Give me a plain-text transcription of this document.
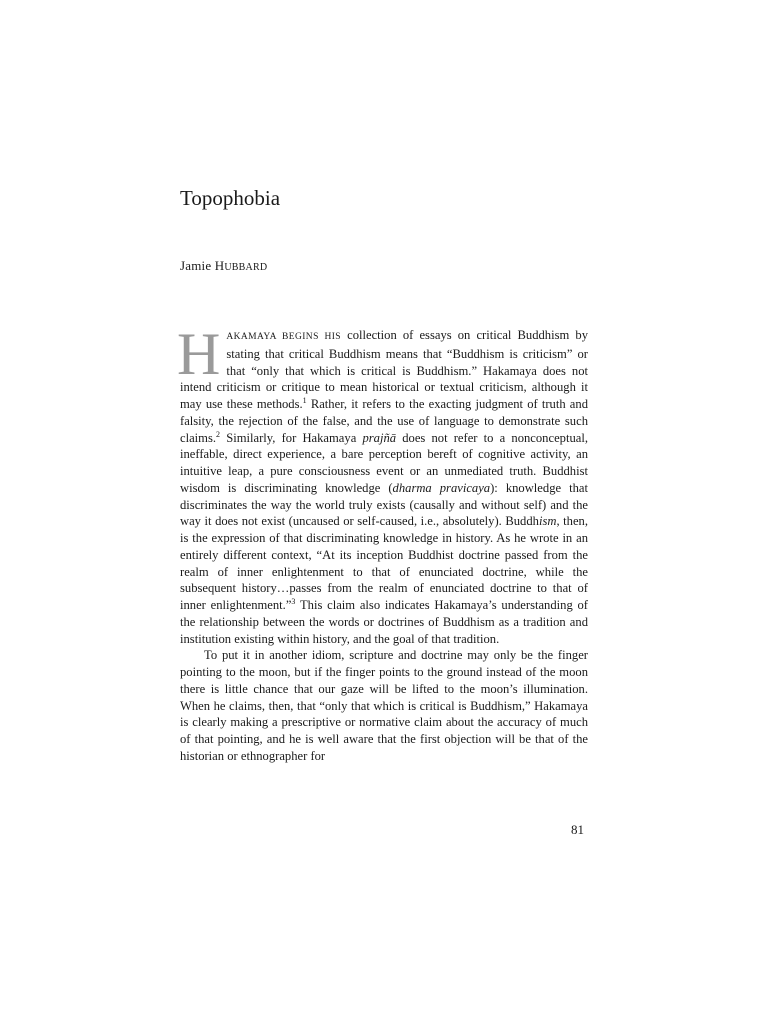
Topophobia
Jamie HUBBARD

HAKAMAYA BEGINS HIS collection of essays on critical Buddhism by stating that critical Buddhism means that “Buddhism is criticism” or that “only that which is critical is Buddhism.” Hakamaya does not intend criticism or critique to mean historical or textual criticism, although it may use these methods.$^1$ Rather, it refers to the exacting judgment of truth and falsity, the rejection of the false, and the use of language to demonstrate such claims.$^2$ Similarly, for Hakamaya prajñā does not refer to a nonconceptual, ineffable, direct experience, a bare perception bereft of cognitive activity, an intuitive leap, a pure consciousness event or an unmediated truth. Buddhist wisdom is discriminating knowledge (dharma pravicaya): knowledge that discriminates the way the world truly exists (causally and without self) and the way it does not exist (uncaused or self-caused, i.e., absolutely). Buddhism, then, is the expression of that discriminating knowledge in history. As he wrote in an entirely different context, “At its inception Buddhist doctrine passed from the realm of inner enlightenment to that of enunciated doctrine, while the subsequent history…passes from the realm of enunciated doctrine to that of inner enlightenment.”$^3$ This claim also indicates Hakamaya’s understanding of the relationship between the words or doctrines of Buddhism as a tradition and institution existing within history, and the goal of that tradition.

To put it in another idiom, scripture and doctrine may only be the finger pointing to the moon, but if the finger points to the ground instead of the moon there is little chance that our gaze will be lifted to the moon’s illumination. When he claims, then, that “only that which is critical is Buddhism,” Hakamaya is clearly making a prescriptive or normative claim about the accuracy of much of that pointing, and he is well aware that the first objection will be that of the historian or ethnographer for

81
